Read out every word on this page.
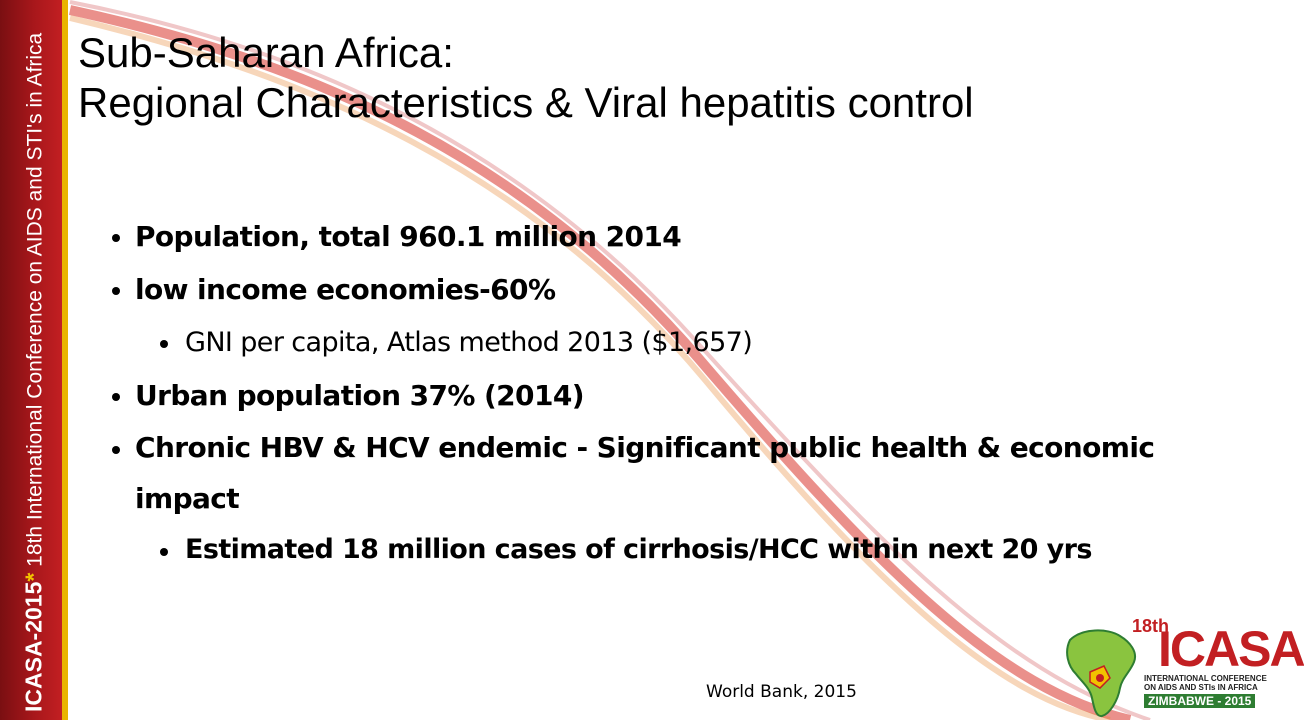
ICASA-2015* 18th International Conference on AIDS and STI's in Africa Sub-Saharan Africa:
Regional Characteristics & Viral hepatitis control
Population, total 960.1 million 2014
low income economies-60%
GNI per capita, Atlas method 2013 ($1,657)
Urban population 37% (2014)
Chronic HBV & HCV endemic - Significant public health & economic impact
Estimated 18 million cases of cirrhosis/HCC within next 20 yrs
World Bank, 2015
18th
ICASA
INTERNATIONAL CONFERENCE
ON AIDS AND STIs IN AFRICA
ZIMBABWE - 2015
